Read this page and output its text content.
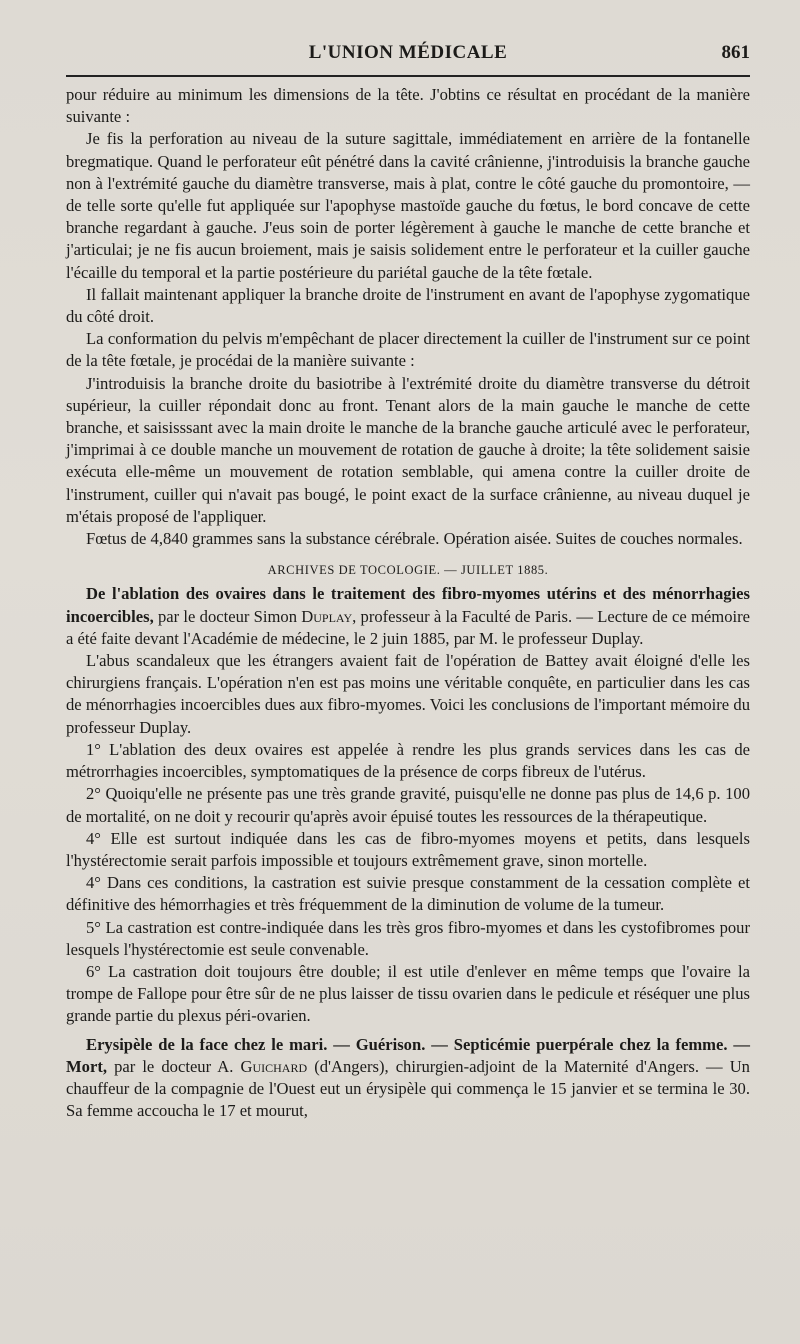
L'UNION MÉDICALE	861

pour réduire au minimum les dimensions de la tête. J'obtins ce résultat en procédant de la manière suivante :

Je fis la perforation au niveau de la suture sagittale, immédiatement en arrière de la fontanelle bregmatique. Quand le perforateur eût pénétré dans la cavité crânienne, j'introduisis la branche gauche non à l'extrémité gauche du diamètre transverse, mais à plat, contre le côté gauche du promontoire, — de telle sorte qu'elle fut appliquée sur l'apophyse mastoïde gauche du fœtus, le bord concave de cette branche regardant à gauche. J'eus soin de porter légèrement à gauche le manche de cette branche et j'articulai; je ne fis aucun broiement, mais je saisis solidement entre le perforateur et la cuiller gauche l'écaille du temporal et la partie postérieure du pariétal gauche de la tête fœtale.

Il fallait maintenant appliquer la branche droite de l'instrument en avant de l'apophyse zygomatique du côté droit.

La conformation du pelvis m'empêchant de placer directement la cuiller de l'instrument sur ce point de la tête fœtale, je procédai de la manière suivante :

J'introduisis la branche droite du basiotribe à l'extrémité droite du diamètre transverse du détroit supérieur, la cuiller répondait donc au front. Tenant alors de la main gauche le manche de cette branche, et saisisssant avec la main droite le manche de la branche gauche articulé avec le perforateur, j'imprimai à ce double manche un mouvement de rotation de gauche à droite; la tête solidement saisie exécuta elle-même un mouvement de rotation semblable, qui amena contre la cuiller droite de l'instrument, cuiller qui n'avait pas bougé, le point exact de la surface crânienne, au niveau duquel je m'étais proposé de l'appliquer.

Fœtus de 4,840 grammes sans la substance cérébrale. Opération aisée. Suites de couches normales.

ARCHIVES DE TOCOLOGIE. — JUILLET 1885.

De l'ablation des ovaires dans le traitement des fibro-myomes utérins et des ménorrhagies incoercibles, par le docteur Simon Duplay, professeur à la Faculté de Paris. — Lecture de ce mémoire a été faite devant l'Académie de médecine, le 2 juin 1885, par M. le professeur Duplay.

L'abus scandaleux que les étrangers avaient fait de l'opération de Battey avait éloigné d'elle les chirurgiens français. L'opération n'en est pas moins une véritable conquête, en particulier dans les cas de ménorrhagies incoercibles dues aux fibro-myomes. Voici les conclusions de l'important mémoire du professeur Duplay.

1° L'ablation des deux ovaires est appelée à rendre les plus grands services dans les cas de métrorrhagies incoercibles, symptomatiques de la présence de corps fibreux de l'utérus.

2° Quoiqu'elle ne présente pas une très grande gravité, puisqu'elle ne donne pas plus de 14,6 p. 100 de mortalité, on ne doit y recourir qu'après avoir épuisé toutes les ressources de la thérapeutique.

4° Elle est surtout indiquée dans les cas de fibro-myomes moyens et petits, dans lesquels l'hystérectomie serait parfois impossible et toujours extrêmement grave, sinon mortelle.

4° Dans ces conditions, la castration est suivie presque constamment de la cessation complète et définitive des hémorrhagies et très fréquemment de la diminution de volume de la tumeur.

5° La castration est contre-indiquée dans les très gros fibro-myomes et dans les cystofibromes pour lesquels l'hystérectomie est seule convenable.

6° La castration doit toujours être double; il est utile d'enlever en même temps que l'ovaire la trompe de Fallope pour être sûr de ne plus laisser de tissu ovarien dans le pedicule et réséquer une plus grande partie du plexus péri-ovarien.

Erysipèle de la face chez le mari. — Guérison. — Septicémie puerpérale chez la femme. — Mort, par le docteur A. Guichard (d'Angers), chirurgien-adjoint de la Maternité d'Angers. — Un chauffeur de la compagnie de l'Ouest eut un érysipèle qui commença le 15 janvier et se termina le 30. Sa femme accoucha le 17 et mourut,
